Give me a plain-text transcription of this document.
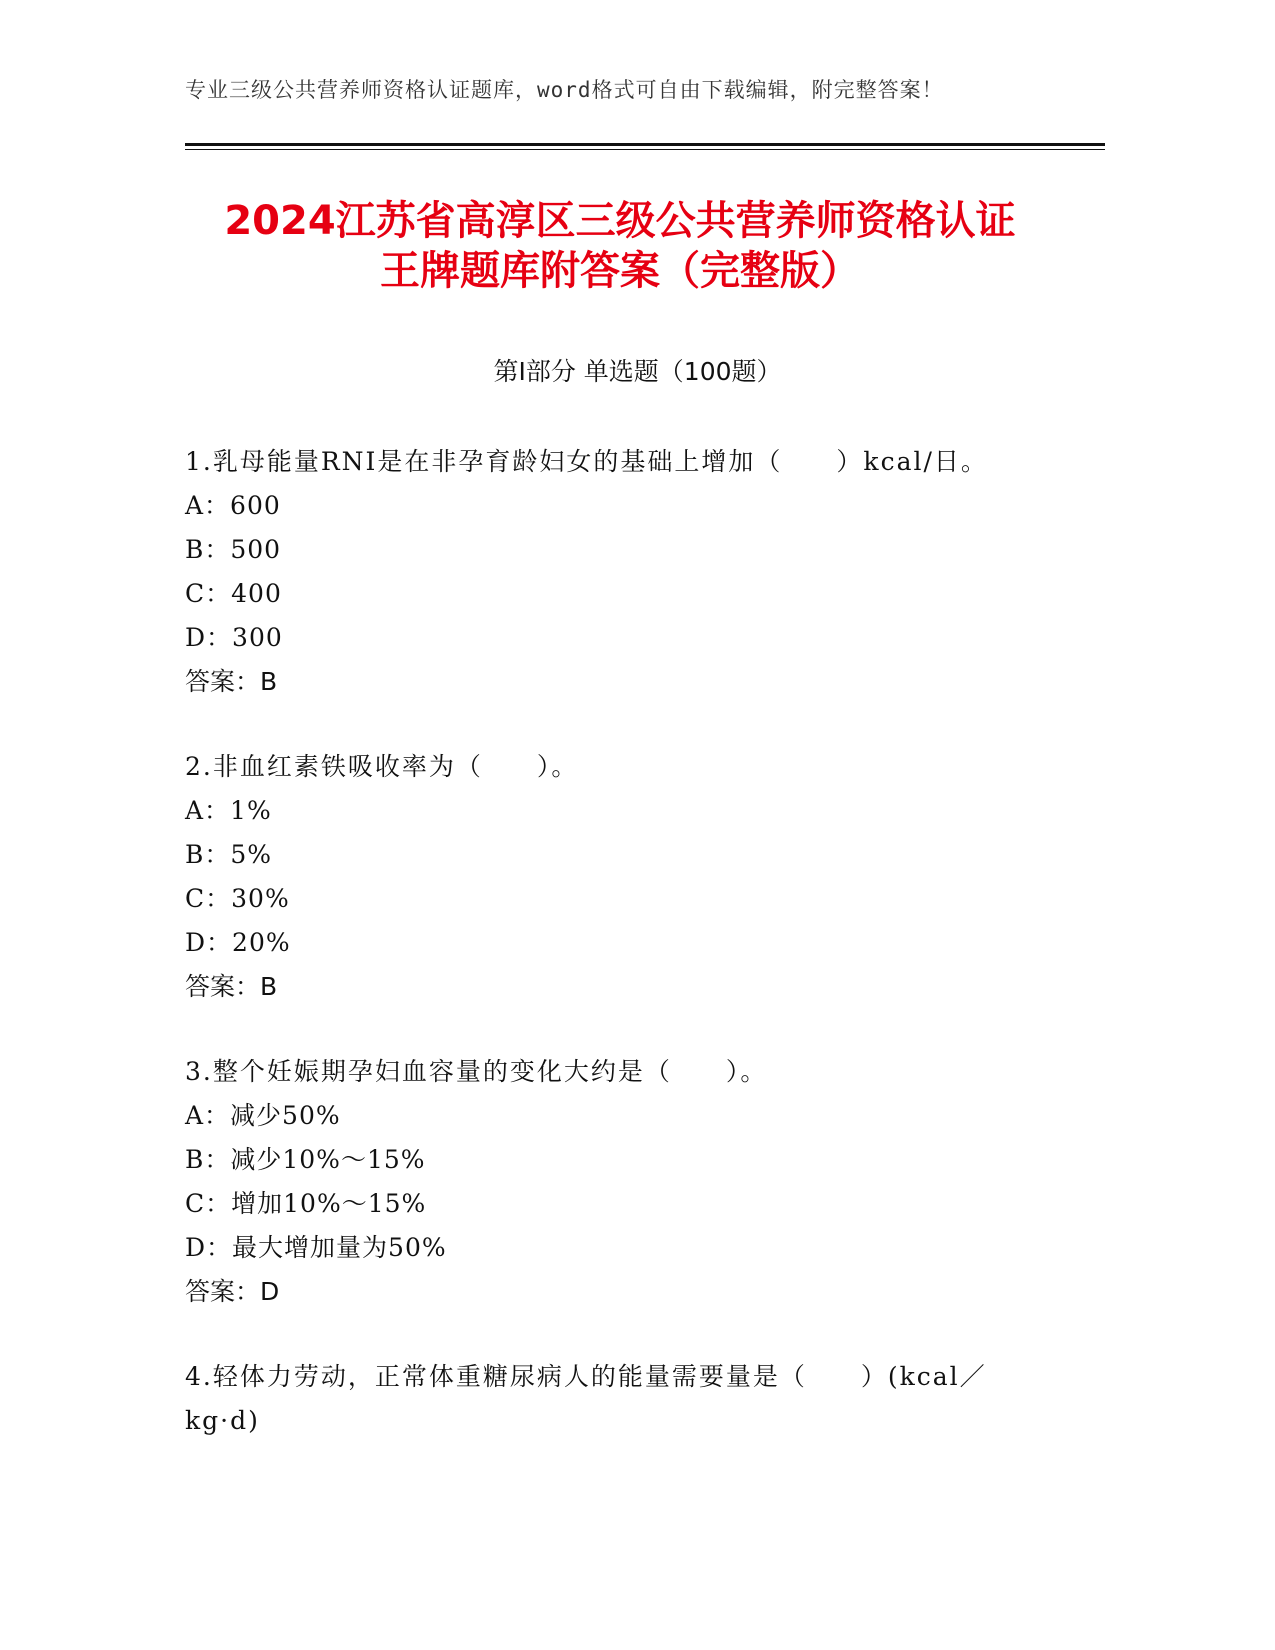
专业三级公共营养师资格认证题库，word格式可自由下载编辑，附完整答案！
2024江苏省高淳区三级公共营养师资格认证
王牌题库附答案（完整版）
第Ⅰ部分 单选题（100题）
1.乳母能量RNI是在非孕育龄妇女的基础上增加（　　）kcal/日。
A：600
B：500
C：400
D：300
答案：B
2.非血红素铁吸收率为（　　）。
A：1%
B：5%
C：30%
D：20%
答案：B
3.整个妊娠期孕妇血容量的变化大约是（　　）。
A：减少50%
B：减少10%～15%
C：增加10%～15%
D：最大增加量为50%
答案：D
4.轻体力劳动，正常体重糖尿病人的能量需要量是（　　）(kcal／kg·d)
